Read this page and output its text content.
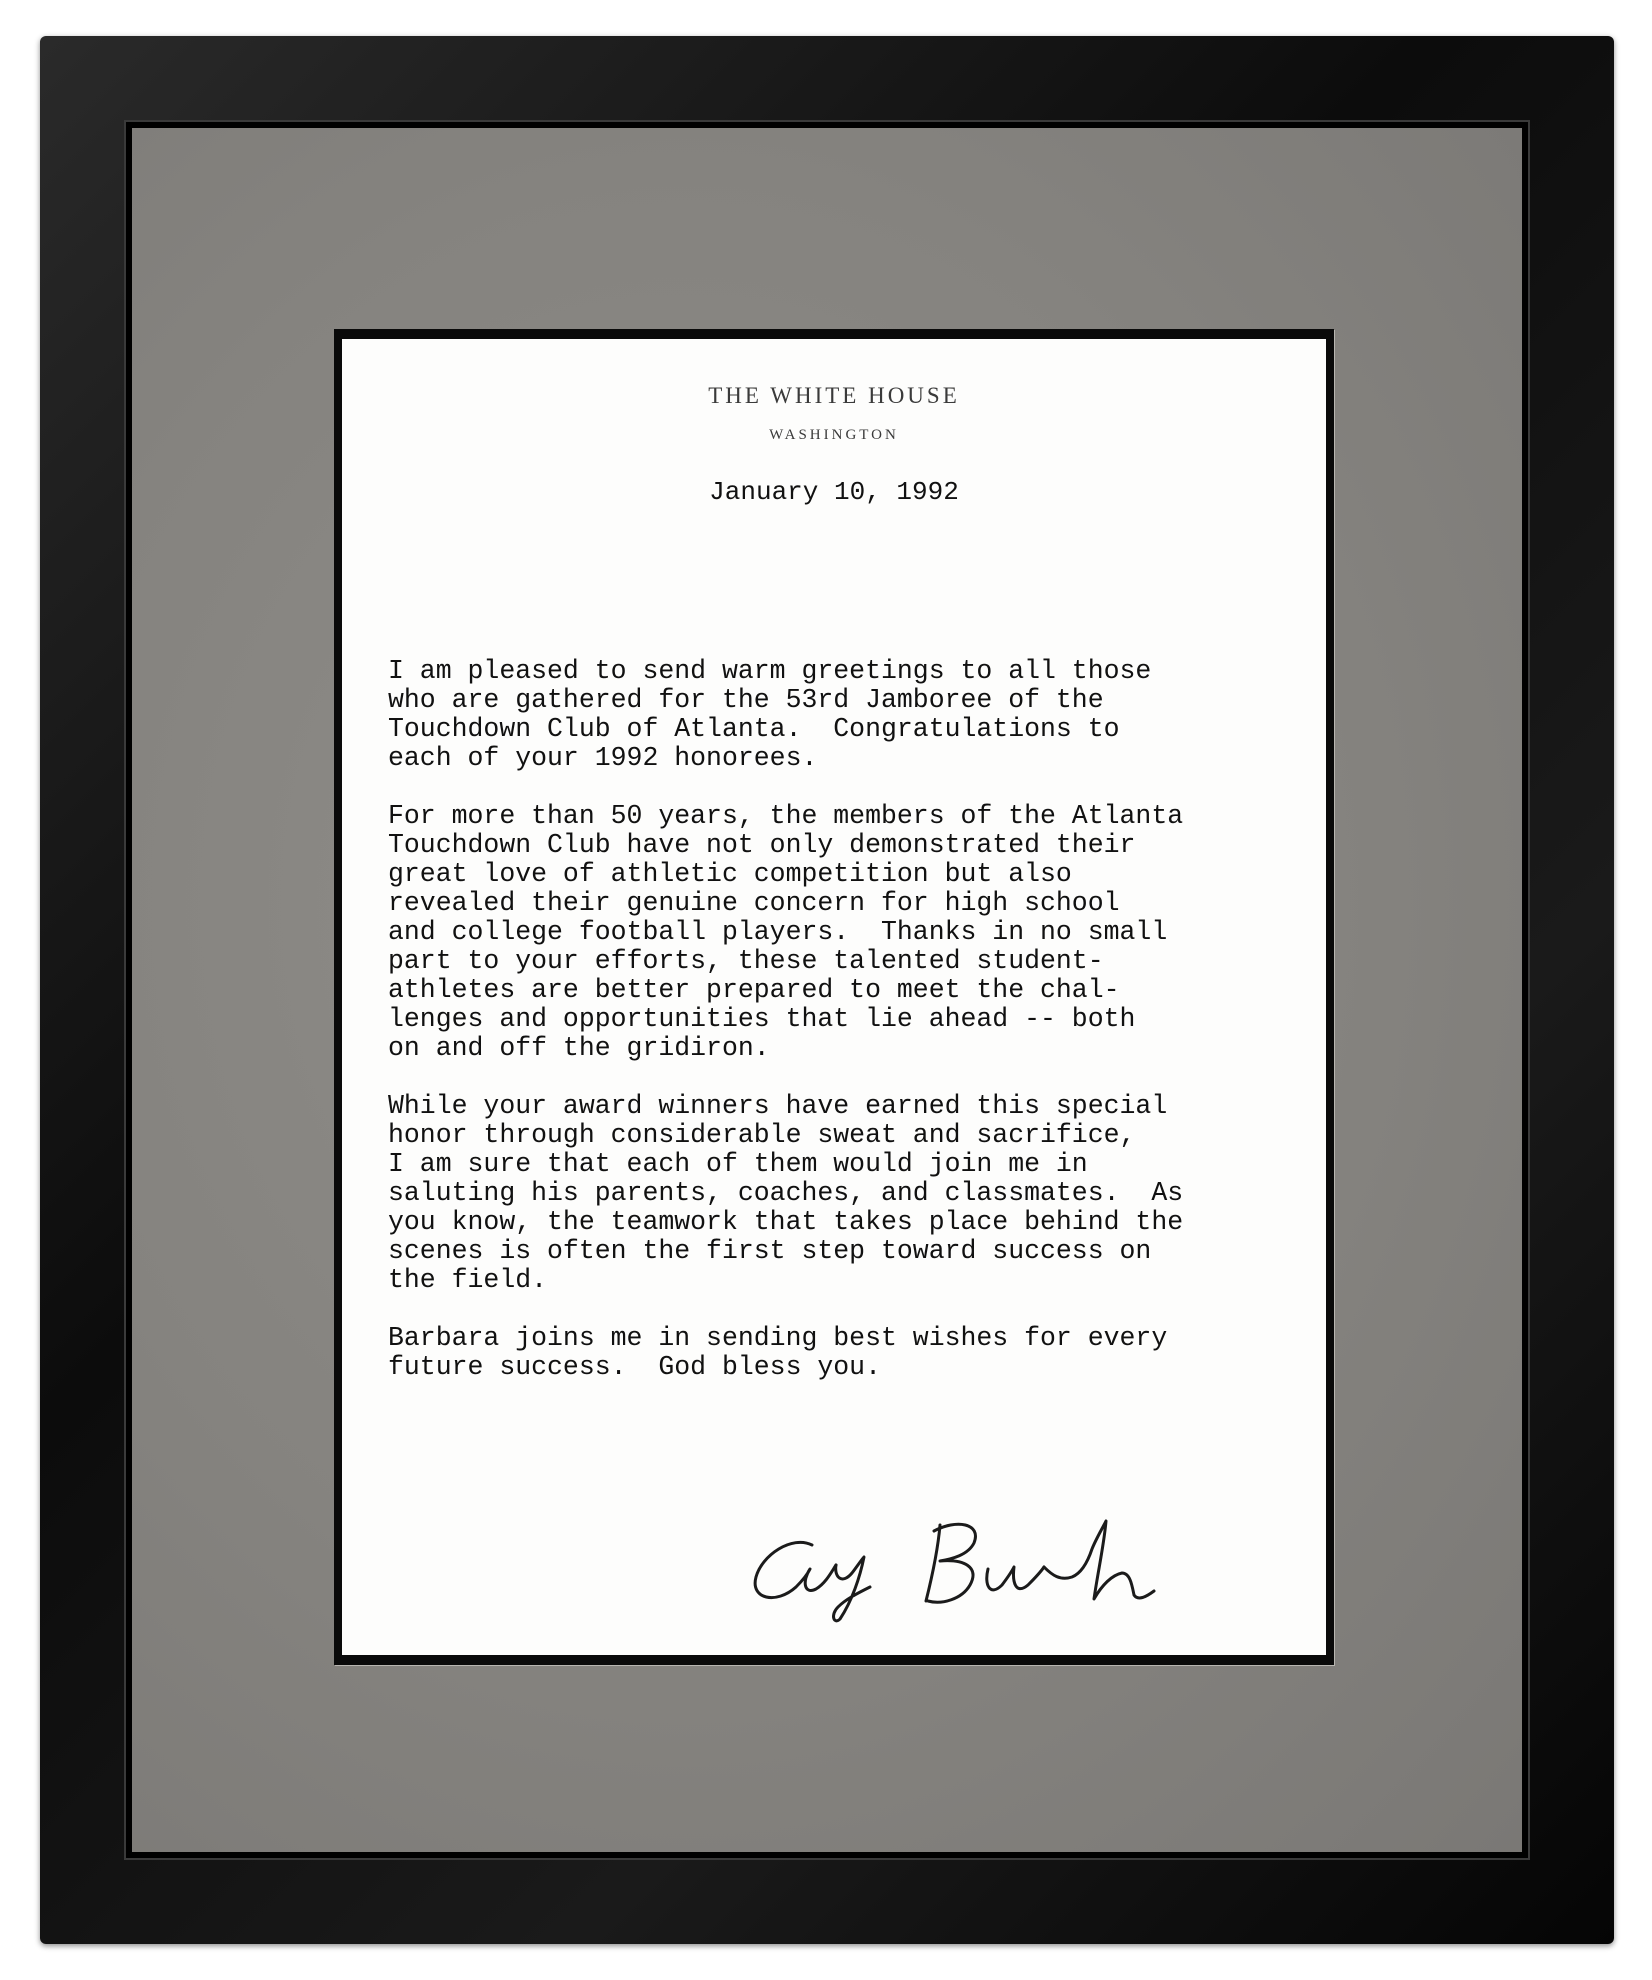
THE WHITE HOUSE
WASHINGTON
January 10, 1992
I am pleased to send warm greetings to all those
who are gathered for the 53rd Jamboree of the
Touchdown Club of Atlanta.  Congratulations to
each of your 1992 honorees.
For more than 50 years, the members of the Atlanta
Touchdown Club have not only demonstrated their
great love of athletic competition but also
revealed their genuine concern for high school
and college football players.  Thanks in no small
part to your efforts, these talented student-
athletes are better prepared to meet the chal-
lenges and opportunities that lie ahead -- both
on and off the gridiron.
While your award winners have earned this special
honor through considerable sweat and sacrifice,
I am sure that each of them would join me in
saluting his parents, coaches, and classmates.  As
you know, the teamwork that takes place behind the
scenes is often the first step toward success on
the field.
Barbara joins me in sending best wishes for every
future success.  God bless you.
